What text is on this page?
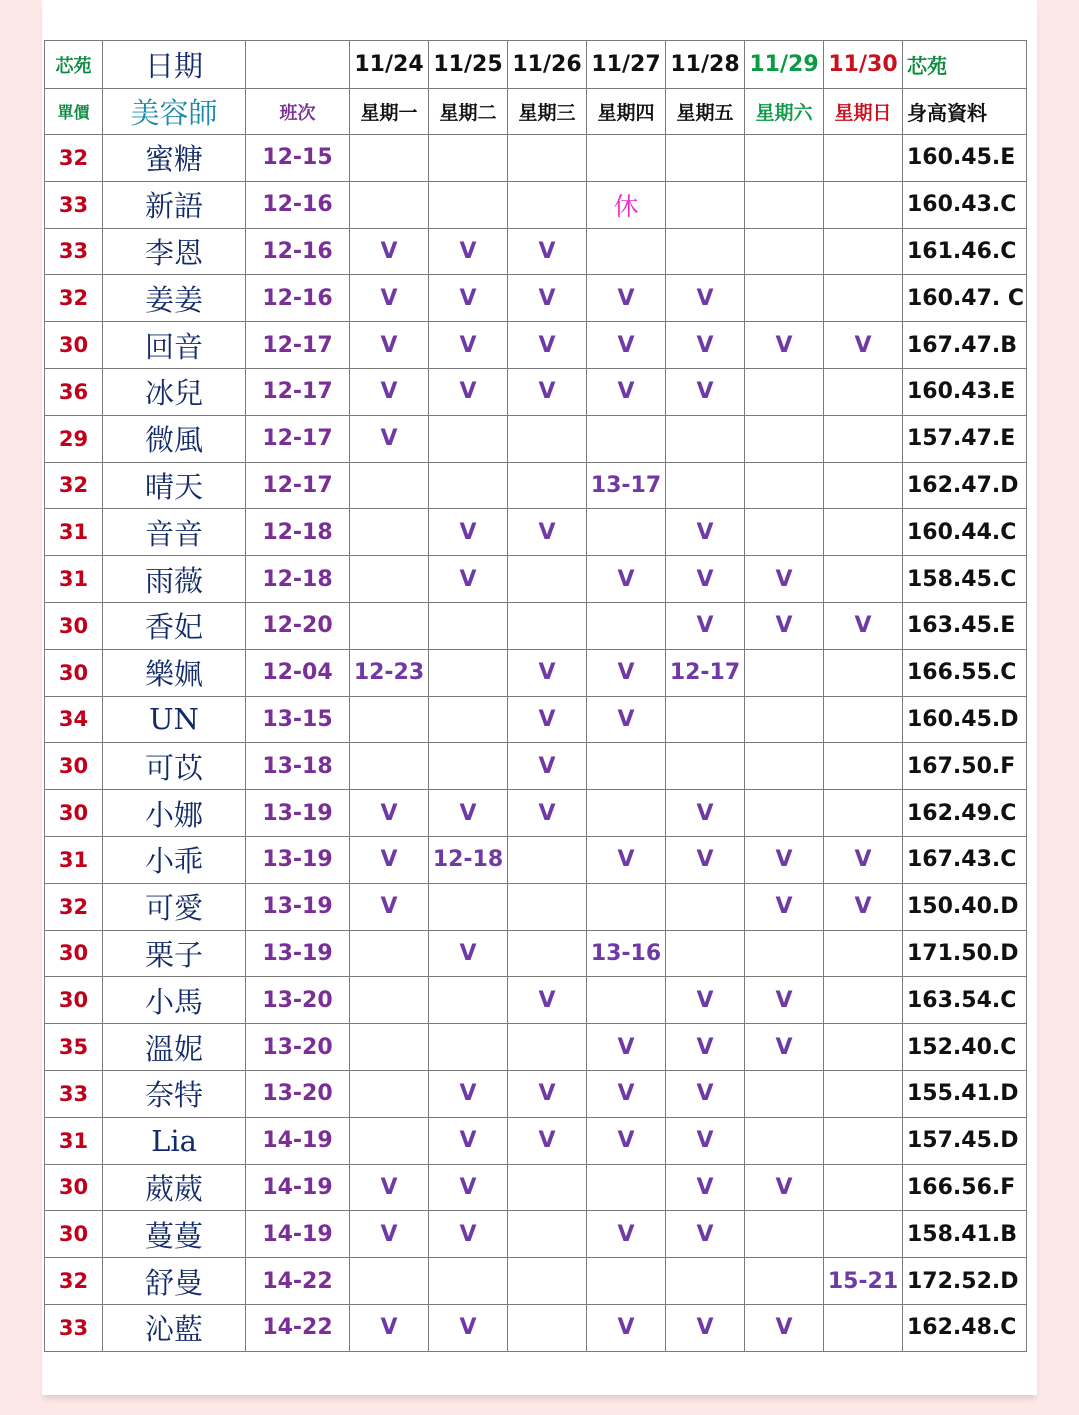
芯苑	日期		11/24	11/25	11/26	11/27	11/28	11/29	11/30	芯苑
單價	美容師	班次	星期一	星期二	星期三	星期四	星期五	星期六	星期日	身高資料
32	蜜糖	12-15								160.45.E
33	新語	12-16				休				160.43.C
33	李恩	12-16	V	V	V					161.46.C
32	姜姜	12-16	V	V	V	V	V			160.47. C
30	回音	12-17	V	V	V	V	V	V	V	167.47.B
36	冰兒	12-17	V	V	V	V	V			160.43.E
29	微風	12-17	V							157.47.E
32	晴天	12-17				13-17				162.47.D
31	音音	12-18		V	V		V			160.44.C
31	雨薇	12-18		V		V	V	V		158.45.C
30	香妃	12-20					V	V	V	163.45.E
30	樂姵	12-04	12-23		V	V	12-17			166.55.C
34	UN	13-15			V	V				160.45.D
30	可苡	13-18			V					167.50.F
30	小娜	13-19	V	V	V		V			162.49.C
31	小乖	13-19	V	12-18		V	V	V	V	167.43.C
32	可愛	13-19	V					V	V	150.40.D
30	栗子	13-19		V		13-16				171.50.D
30	小馬	13-20			V		V	V		163.54.C
35	溫妮	13-20				V	V	V		152.40.C
33	奈特	13-20		V	V	V	V			155.41.D
31	Lia	14-19		V	V	V	V			157.45.D
30	葳葳	14-19	V	V			V	V		166.56.F
30	蔓蔓	14-19	V	V		V	V			158.41.B
32	舒曼	14-22							15-21	172.52.D
33	沁藍	14-22	V	V		V	V	V		162.48.C
